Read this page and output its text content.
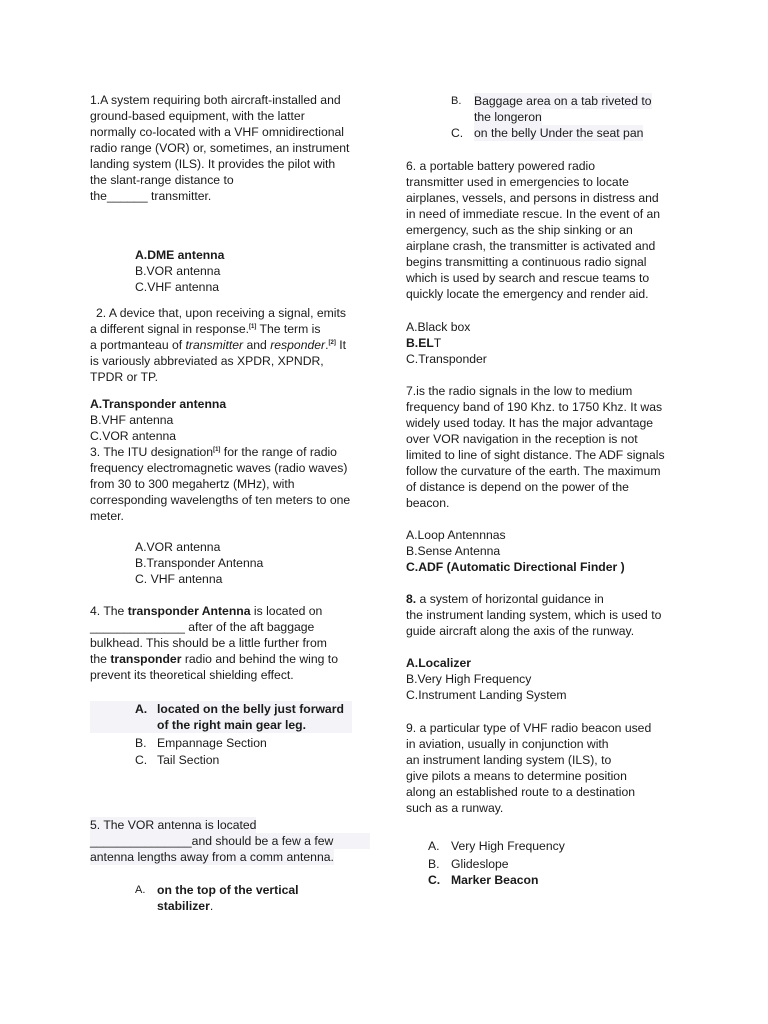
1.A system requiring both aircraft-installed and

ground-based equipment, with the latter

normally co-located with a VHF omnidirectional

radio range (VOR) or, sometimes, an instrument

landing system (ILS). It provides the pilot with

the slant-range distance to

the______ transmitter.

A.DME antenna

B.VOR antenna

C.VHF antenna

2. A device that, upon receiving a signal, emits

a different signal in response.[1] The term is

a portmanteau of transmitter and responder.[2] It

is variously abbreviated as XPDR, XPNDR,

TPDR or TP.

A.Transponder antenna

B.VHF antenna

C.VOR antenna

3. The ITU designation[1] for the range of radio

frequency electromagnetic waves (radio waves)

from 30 to 300 megahertz (MHz), with

corresponding wavelengths of ten meters to one

meter.

A.VOR antenna

B.Transponder Antenna

C. VHF antenna

4. The transponder Antenna is located on

______________ after of the aft baggage

bulkhead. This should be a little further from

the transponder radio and behind the wing to

prevent its theoretical shielding effect.

A. located on the belly just forward

of the right main gear leg.

B. Empannage Section

C. Tail Section

5. The VOR antenna is located

_______________and should be a few a few

antenna lengths away from a comm antenna.

A. on the top of the vertical

stabilizer.

B. Baggage area on a tab riveted to

the longeron

C. on the belly Under the seat pan

6. a portable battery powered radio

transmitter used in emergencies to locate

airplanes, vessels, and persons in distress and

in need of immediate rescue. In the event of an

emergency, such as the ship sinking or an

airplane crash, the transmitter is activated and

begins transmitting a continuous radio signal

which is used by search and rescue teams to

quickly locate the emergency and render aid.

A.Black box

B.ELT

C.Transponder

7.is the radio signals in the low to medium

frequency band of 190 Khz. to 1750 Khz. It was

widely used today. It has the major advantage

over VOR navigation in the reception is not

limited to line of sight distance. The ADF signals

follow the curvature of the earth. The maximum

of distance is depend on the power of the

beacon.

A.Loop Antennnas

B.Sense Antenna

C.ADF (Automatic Directional Finder )

8. a system of horizontal guidance in

the instrument landing system, which is used to

guide aircraft along the axis of the runway.

A.Localizer

B.Very High Frequency

C.Instrument Landing System

9. a particular type of VHF radio beacon used

in aviation, usually in conjunction with

an instrument landing system (ILS), to

give pilots a means to determine position

along an established route to a destination

such as a runway.

A. Very High Frequency

B. Glideslope

C. Marker Beacon
